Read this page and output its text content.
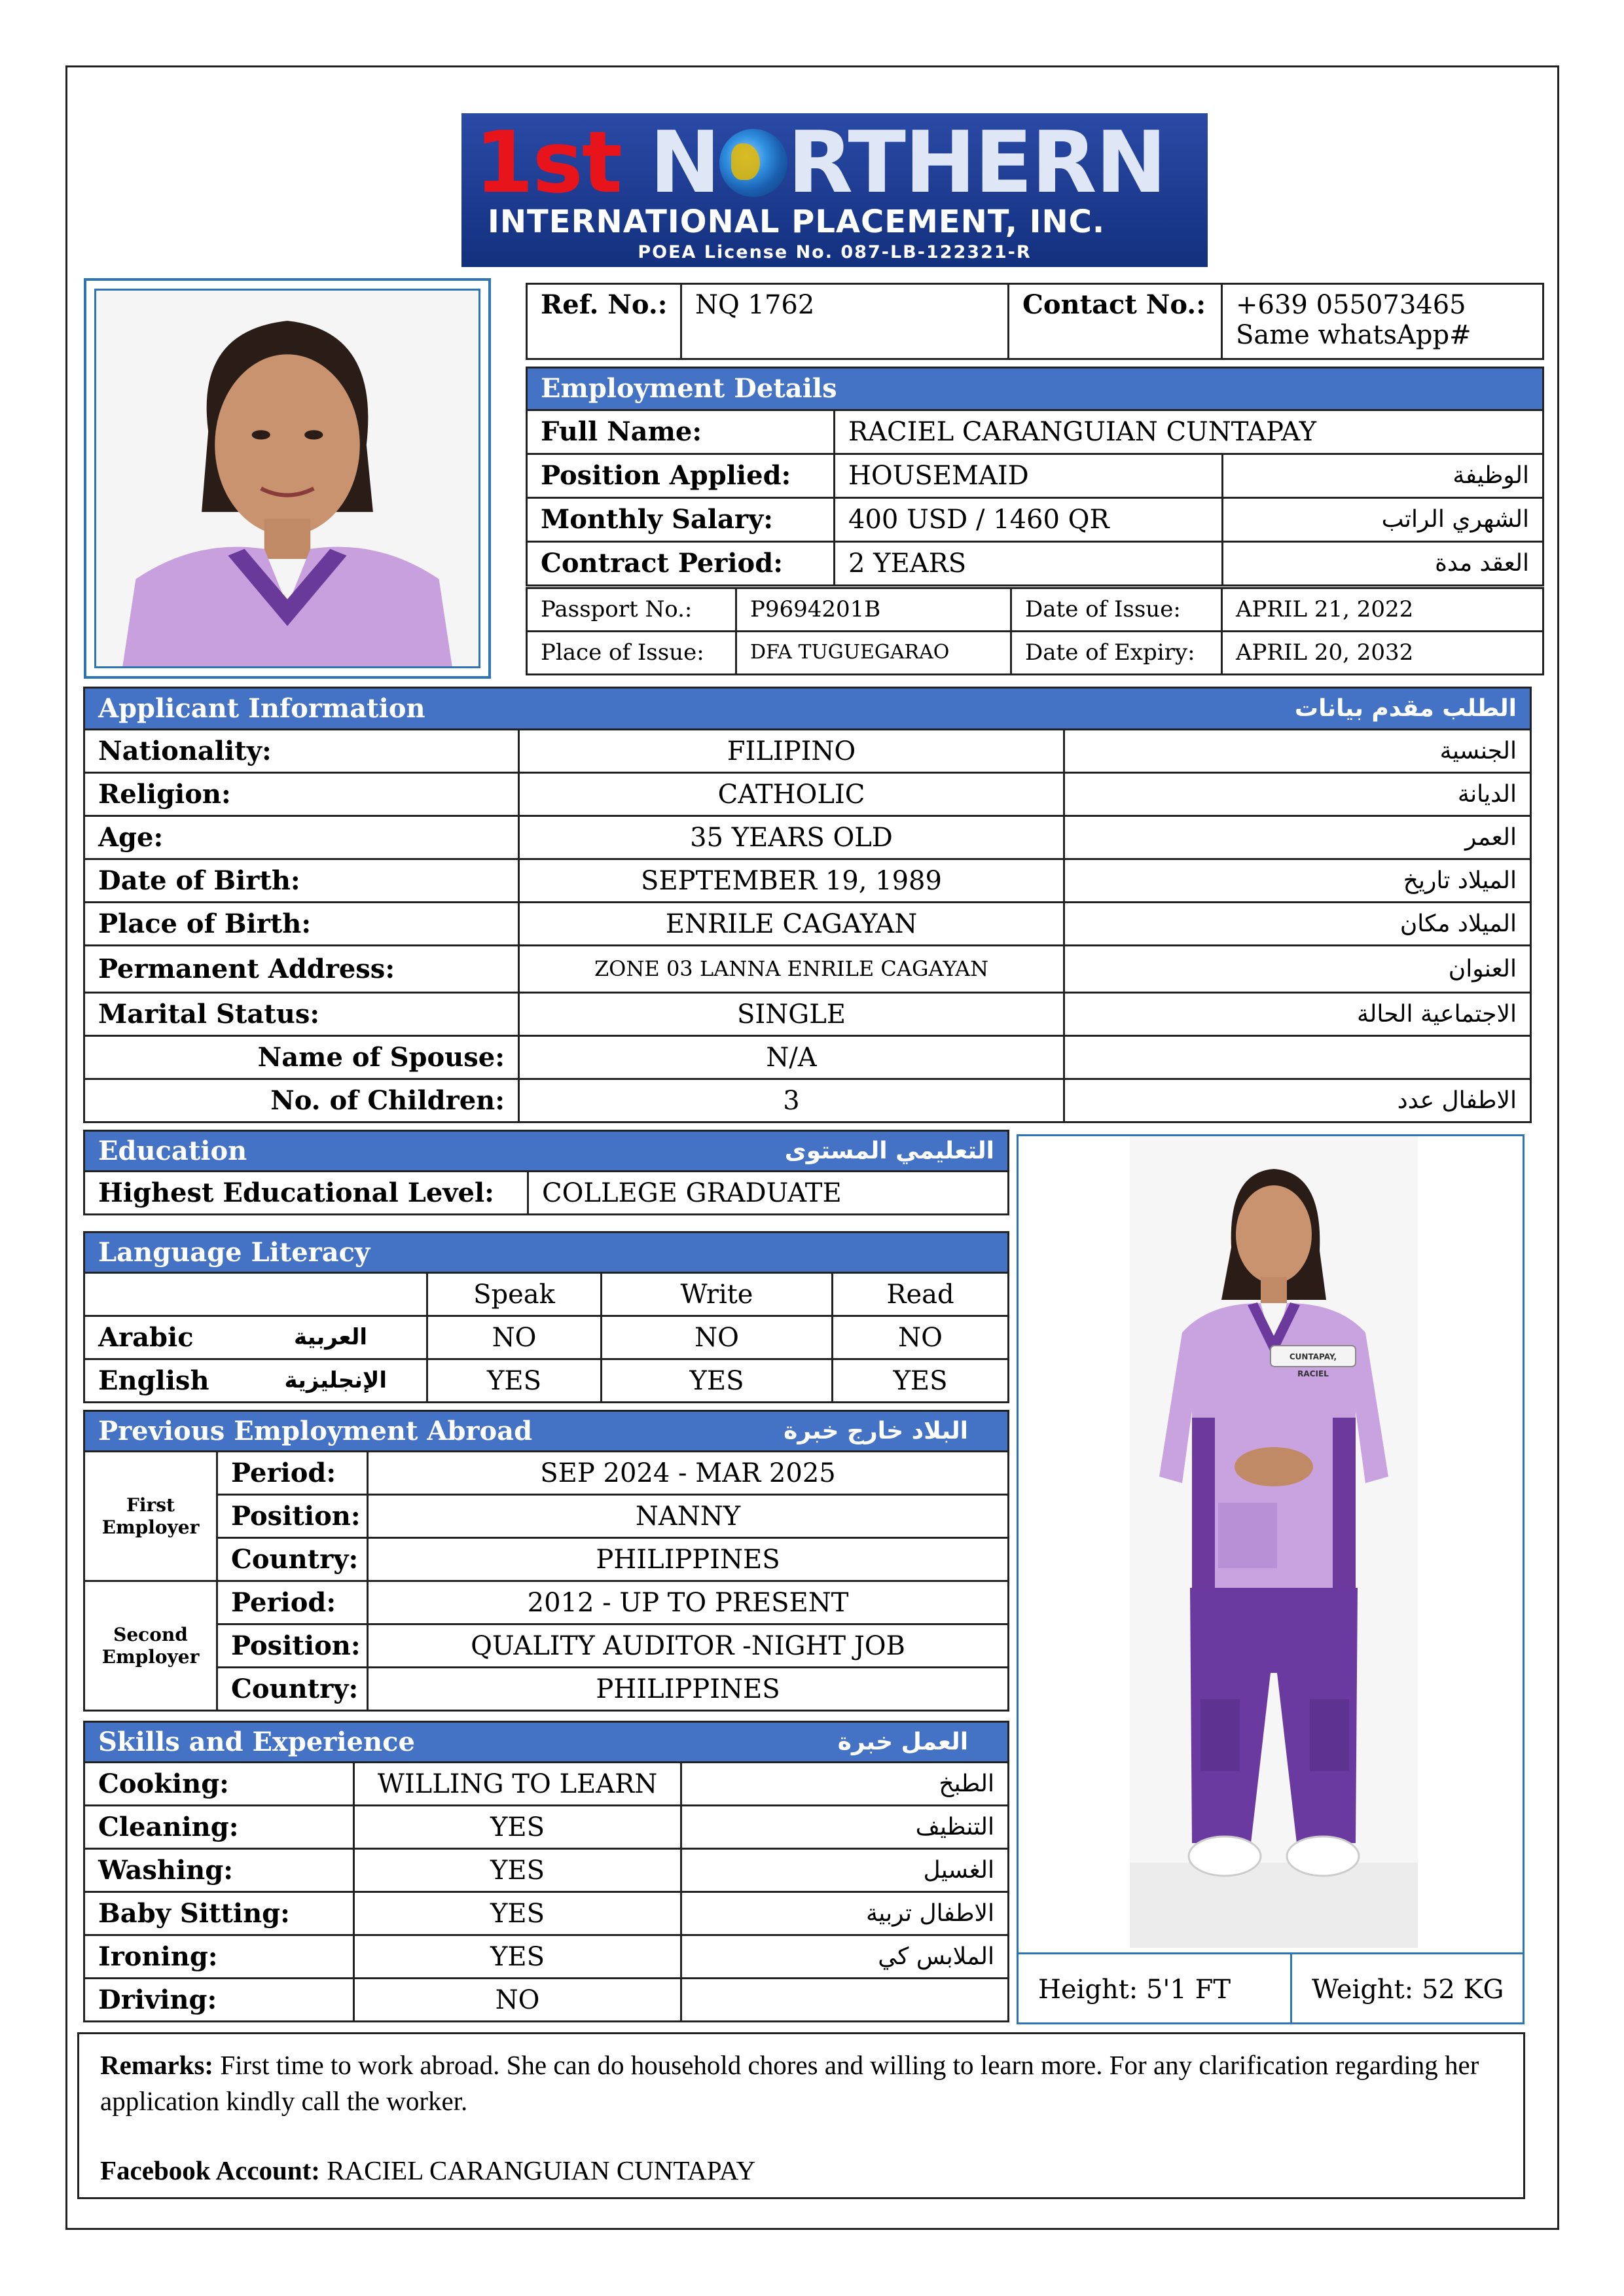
1st N RTHERN
INTERNATIONAL PLACEMENT, INC.
POEA License No. 087-LB-122321-R
Ref. No.:	NQ 1762	Contact No.:	+639 055073465
Same whatsApp#
Employment Details		
Full Name:	RACIEL CARANGUIAN CUNTAPAY	
Position Applied:	HOUSEMAID	الوظيفة
Monthly Salary:	400 USD / 1460 QR	الشهري الراتب
Contract Period:	2 YEARS	العقد مدة
Passport No.:	P9694201B	Date of Issue:	APRIL 21, 2022
Place of Issue:	DFA TUGUEGARAO	Date of Expiry:	APRIL 20, 2032
Applicant Information الطلب مقدم بيانات		

Nationality:	FILIPINO	الجنسية
Religion:	CATHOLIC	الديانة
Age:	35 YEARS OLD	العمر
Date of Birth:	SEPTEMBER 19, 1989	الميلاد تاريخ
Place of Birth:	ENRILE CAGAYAN	الميلاد مكان
Permanent Address:	ZONE 03 LANNA ENRILE CAGAYAN	العنوان
Marital Status:	SINGLE	الاجتماعية الحالة
Name of Spouse:	N/A	
No. of Children:	3	الاطفال عدد
Education	التعليمي المستوى

Highest Educational Level:	COLLEGE GRADUATE
Language Literacy			
	Speak	Write	Read

Arabic العربية	NO	NO	NO

English الإنجليزية	YES	YES	YES
Previous Employment Abroad البلاد خارج خبرة		

First Employer	Period:	SEP 2024 - MAR 2025
	Position:	NANNY
	Country:	PHILIPPINES
Second Employer	Period:	2012 - UP TO PRESENT
	Position:	QUALITY AUDITOR -NIGHT JOB
	Country:	PHILIPPINES
Skills and Experience العمل خبرة		

Cooking:	WILLING TO LEARN	الطبخ
Cleaning:	YES	التنظيف
Washing:	YES	الغسيل
Baby Sitting:	YES	الاطفال تربية
Ironing:	YES	الملابس كي
Driving:	NO	
CUNTAPAY, RACIEL
Height: 5'1 FT	Weight: 52 KG
Remarks: First time to work abroad. She can do household chores and willing to learn more. For any clarification regarding her application kindly call the worker.
Facebook Account: RACIEL CARANGUIAN CUNTAPAY
